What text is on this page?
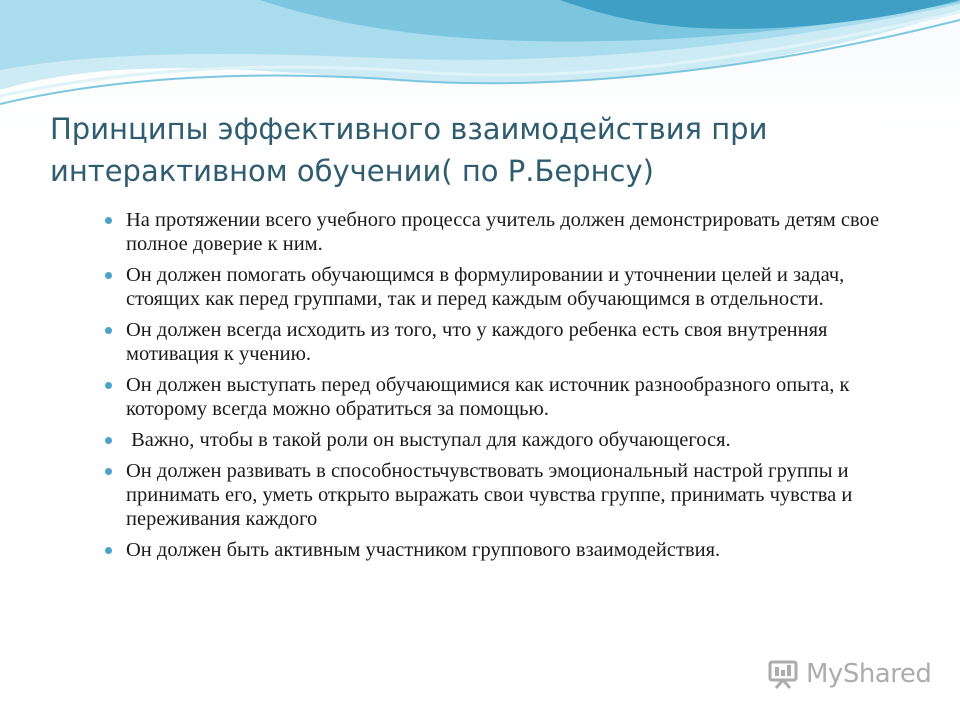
Принципы эффективного взаимодействия при интерактивном обучении( по Р.Бернсу)
На протяжении всего учебного процесса учитель должен демонстрировать детям свое полное доверие к ним.
Он должен помогать обучающимся в формулировании и уточнении целей и задач, стоящих как перед группами, так и перед каждым обучающимся в отдельности.
Он должен всегда исходить из того, что у каждого ребенка есть своя внутренняя мотивация к учению.
Он должен выступать перед обучающимися как источник разнообразного опыта, к которому всегда можно обратиться за помощью.
Важно, чтобы в такой роли он выступал для каждого обучающегося.
Он должен развивать в способностьчувствовать эмоциональный настрой группы и принимать его, уметь открыто выражать свои чувства группе, принимать чувства и переживания каждого
Он должен быть активным участником группового взаимодействия.
MyShared
